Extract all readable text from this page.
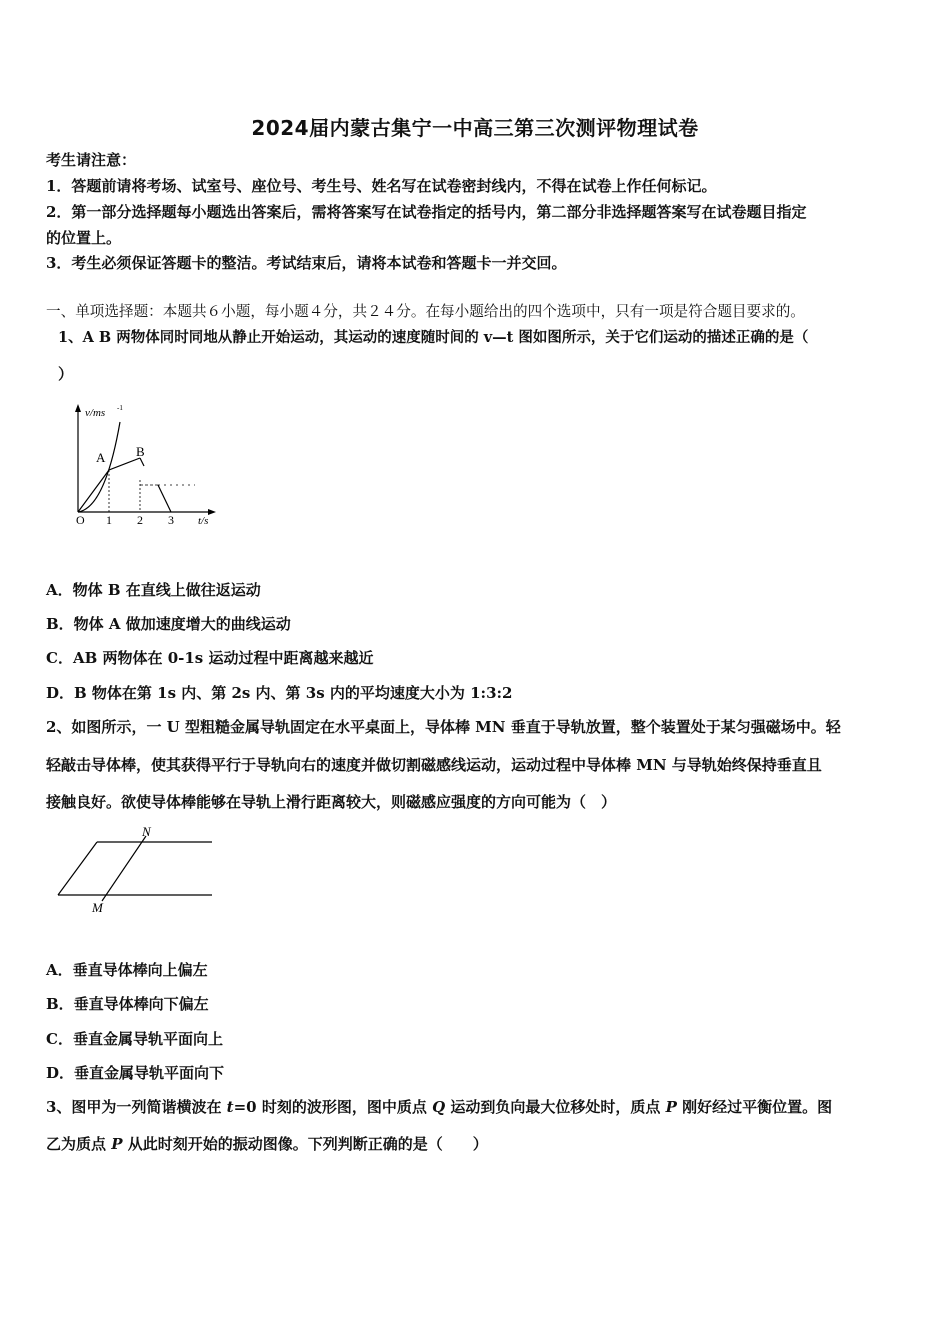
2024届内蒙古集宁一中高三第三次测评物理试卷
考生请注意：
1．答题前请将考场、试室号、座位号、考生号、姓名写在试卷密封线内，不得在试卷上作任何标记。
2．第一部分选择题每小题选出答案后，需将答案写在试卷指定的括号内，第二部分非选择题答案写在试卷题目指定
的位置上。
3．考生必须保证答题卡的整洁。考试结束后，请将本试卷和答题卡一并交回。
一、单项选择题：本题共６小题，每小题４分，共２４分。在每小题给出的四个选项中，只有一项是符合题目要求的。
1、A B 两物体同时同地从静止开始运动，其运动的速度随时间的 v—t 图如图所示，关于它们运动的描述正确的是（
）
v/ms -1
t/s
O 1 2 3
A B
A．物体 B 在直线上做往返运动
B．物体 A 做加速度增大的曲线运动
C．AB 两物体在 0-1s 运动过程中距离越来越近
D．B 物体在第 1s 内、第 2s 内、第 3s 内的平均速度大小为 1:3:2
2、如图所示，一 U 型粗糙金属导轨固定在水平桌面上，导体棒 MN 垂直于导轨放置，整个装置处于某匀强磁场中。轻
轻敲击导体棒，使其获得平行于导轨向右的速度并做切割磁感线运动，运动过程中导体棒 MN 与导轨始终保持垂直且
接触良好。欲使导体棒能够在导轨上滑行距离较大，则磁感应强度的方向可能为（　）
N
M
A．垂直导体棒向上偏左
B．垂直导体棒向下偏左
C．垂直金属导轨平面向上
D．垂直金属导轨平面向下
3、图甲为一列简谐横波在 t=0 时刻的波形图，图中质点 Q 运动到负向最大位移处时，质点 P 刚好经过平衡位置。图
乙为质点 P 从此时刻开始的振动图像。下列判断正确的是（　　）
